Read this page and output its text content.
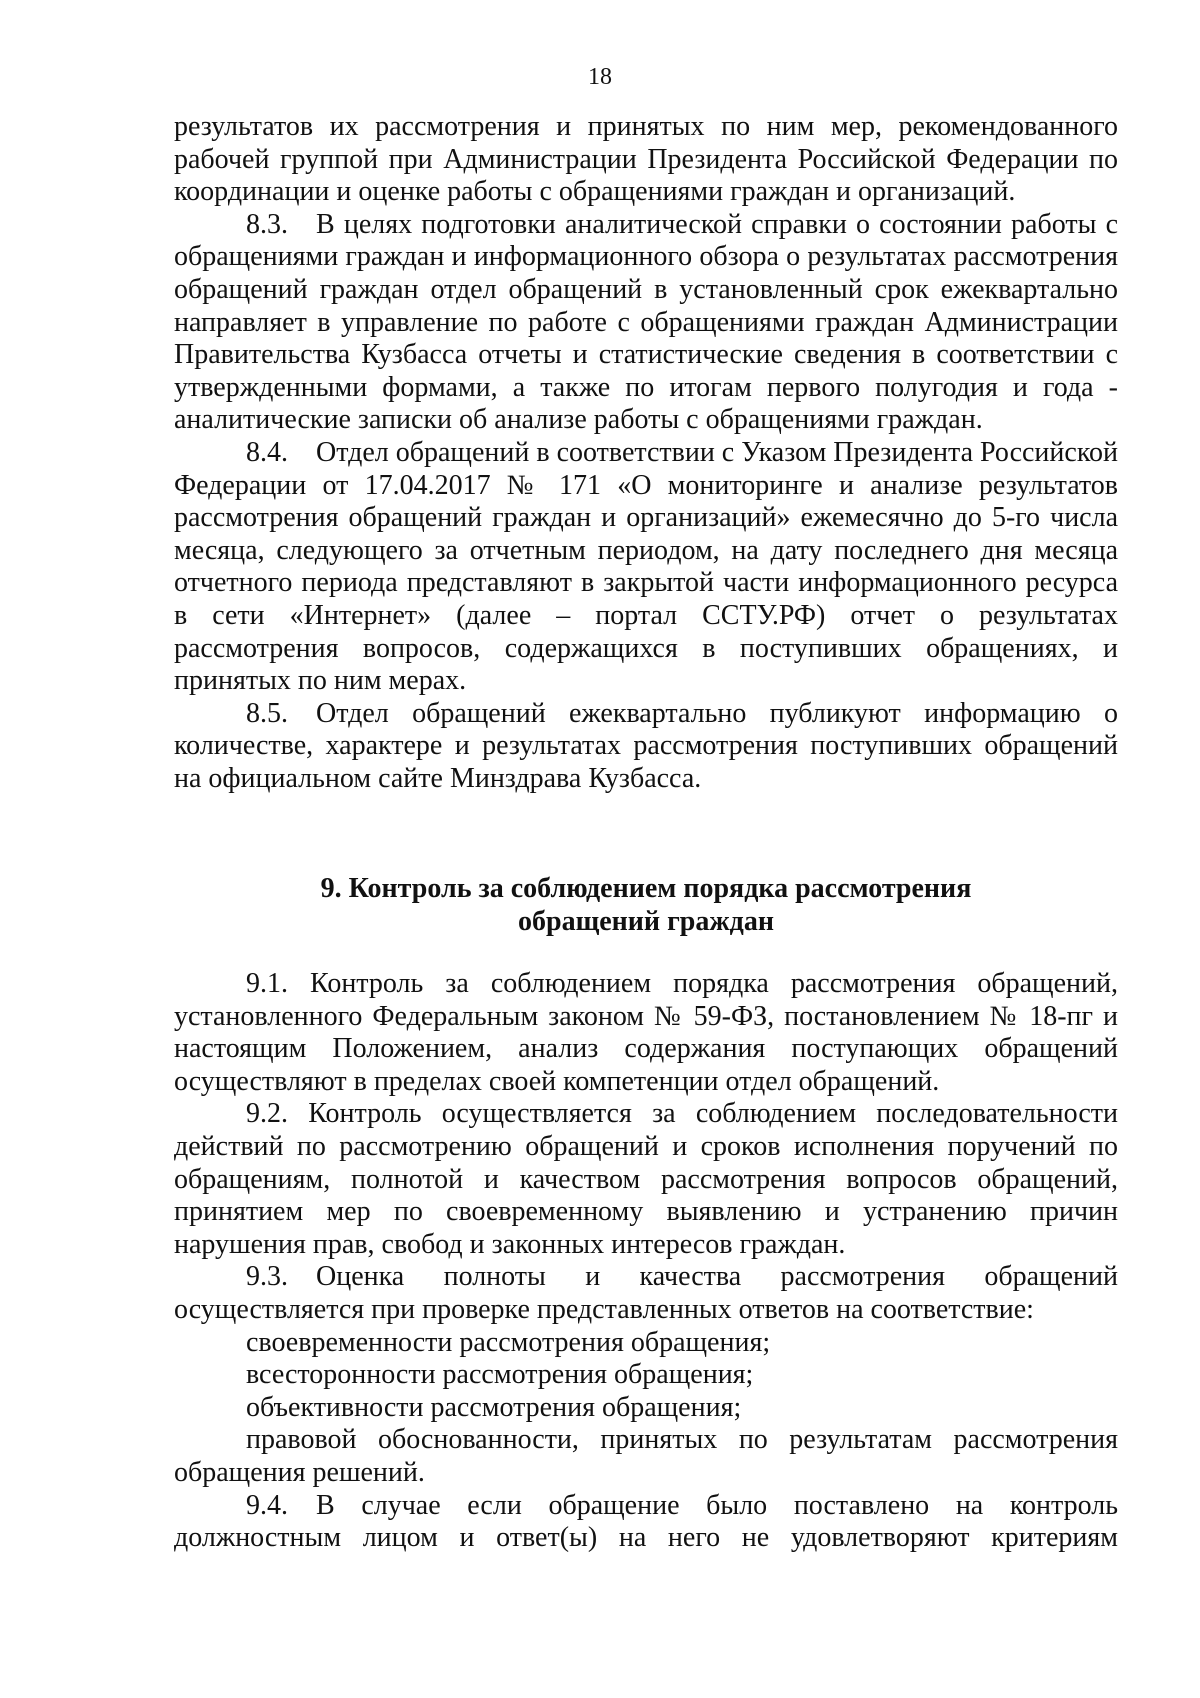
18

результатов их рассмотрения и принятых по ним мер, рекомендованного рабочей группой при Администрации Президента Российской Федерации по координации и оценке работы с обращениями граждан и организаций.

8.3. В целях подготовки аналитической справки о состоянии работы с обращениями граждан и информационного обзора о результатах рассмотрения обращений граждан отдел обращений в установленный срок ежеквартально направляет в управление по работе с обращениями граждан Администрации Правительства Кузбасса отчеты и статистические сведения в соответствии с утвержденными формами, а также по итогам первого полугодия и года - аналитические записки об анализе работы с обращениями граждан.

8.4. Отдел обращений в соответствии с Указом Президента Российской Федерации от 17.04.2017 № 171 «О мониторинге и анализе результатов рассмотрения обращений граждан и организаций» ежемесячно до 5-го числа месяца, следующего за отчетным периодом, на дату последнего дня месяца отчетного периода представляют в закрытой части информационного ресурса в сети «Интернет» (далее – портал ССТУ.РФ) отчет о результатах рассмотрения вопросов, содержащихся в поступивших обращениях, и принятых по ним мерах.

8.5. Отдел обращений ежеквартально публикуют информацию о количестве, характере и результатах рассмотрения поступивших обращений на официальном сайте Минздрава Кузбасса.

9. Контроль за соблюдением порядка рассмотрения
обращений граждан

9.1. Контроль за соблюдением порядка рассмотрения обращений, установленного Федеральным законом № 59-ФЗ, постановлением № 18-пг и настоящим Положением, анализ содержания поступающих обращений осуществляют в пределах своей компетенции отдел обращений.

9.2. Контроль осуществляется за соблюдением последовательности действий по рассмотрению обращений и сроков исполнения поручений по обращениям, полнотой и качеством рассмотрения вопросов обращений, принятием мер по своевременному выявлению и устранению причин нарушения прав, свобод и законных интересов граждан.

9.3. Оценка полноты и качества рассмотрения обращений осуществляется при проверке представленных ответов на соответствие:

своевременности рассмотрения обращения;

всесторонности рассмотрения обращения;

объективности рассмотрения обращения;

правовой обоснованности, принятых по результатам рассмотрения обращения решений.

9.4. В случае если обращение было поставлено на контроль должностным лицом и ответ(ы) на него не удовлетворяют критериям
